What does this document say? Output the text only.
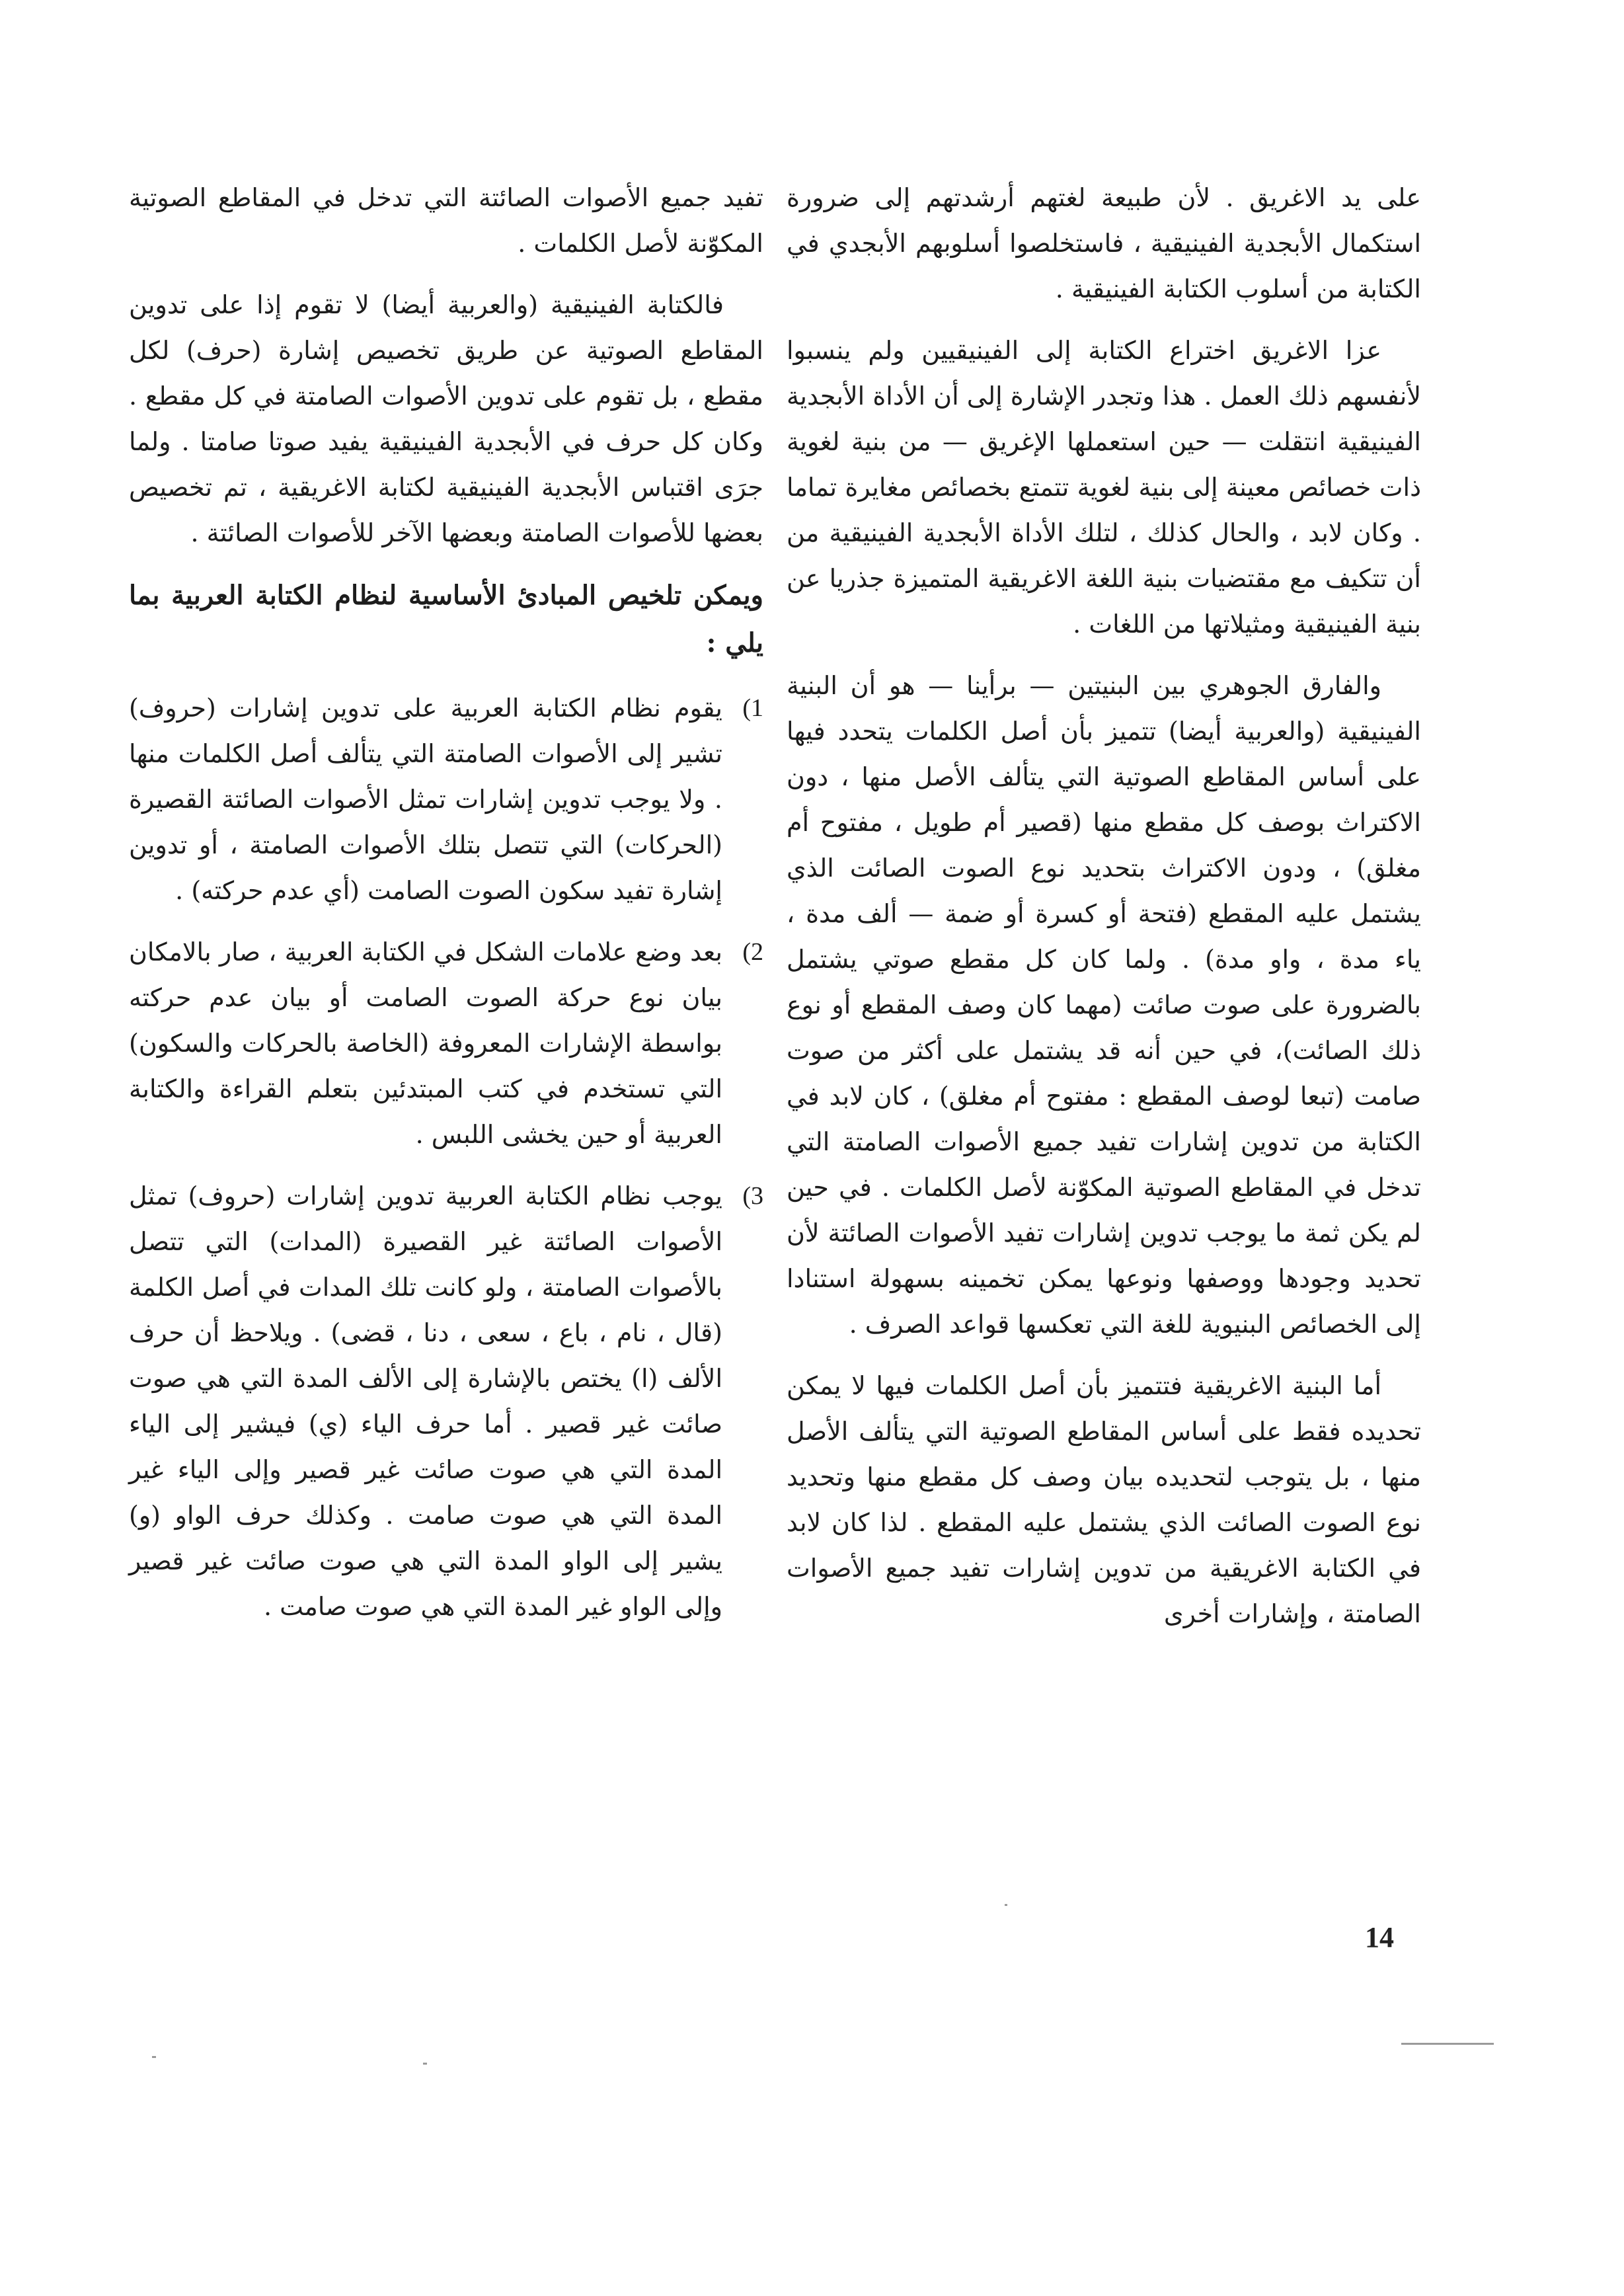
على يد الاغريق . لأن طبيعة لغتهم أرشدتهم إلى ضرورة استكمال الأبجدية الفينيقية ، فاستخلصوا أسلوبهم الأبجدي في الكتابة من أسلوب الكتابة الفينيقية .

عزا الاغريق اختراع الكتابة إلى الفينيقيين ولم ينسبوا لأنفسهم ذلك العمل . هذا وتجدر الإشارة إلى أن الأداة الأبجدية الفينيقية انتقلت — حين استعملها الإغريق — من بنية لغوية ذات خصائص معينة إلى بنية لغوية تتمتع بخصائص مغايرة تماما . وكان لابد ، والحال كذلك ، لتلك الأداة الأبجدية الفينيقية من أن تتكيف مع مقتضيات بنية اللغة الاغريقية المتميزة جذريا عن بنية الفينيقية ومثيلاتها من اللغات .

والفارق الجوهري بين البنيتين — برأينا — هو أن البنية الفينيقية (والعربية أيضا) تتميز بأن أصل الكلمات يتحدد فيها على أساس المقاطع الصوتية التي يتألف الأصل منها ، دون الاكتراث بوصف كل مقطع منها (قصير أم طويل ، مفتوح أم مغلق) ، ودون الاكتراث بتحديد نوع الصوت الصائت الذي يشتمل عليه المقطع (فتحة أو كسرة أو ضمة — ألف مدة ، ياء مدة ، واو مدة) . ولما كان كل مقطع صوتي يشتمل بالضرورة على صوت صائت (مهما كان وصف المقطع أو نوع ذلك الصائت)، في حين أنه قد يشتمل على أكثر من صوت صامت (تبعا لوصف المقطع : مفتوح أم مغلق) ، كان لابد في الكتابة من تدوين إشارات تفيد جميع الأصوات الصامتة التي تدخل في المقاطع الصوتية المكوّنة لأصل الكلمات . في حين لم يكن ثمة ما يوجب تدوين إشارات تفيد الأصوات الصائتة لأن تحديد وجودها ووصفها ونوعها يمكن تخمينه بسهولة استنادا إلى الخصائص البنيوية للغة التي تعكسها قواعد الصرف .

أما البنية الاغريقية فتتميز بأن أصل الكلمات فيها لا يمكن تحديده فقط على أساس المقاطع الصوتية التي يتألف الأصل منها ، بل يتوجب لتحديده بيان وصف كل مقطع منها وتحديد نوع الصوت الصائت الذي يشتمل عليه المقطع . لذا كان لابد في الكتابة الاغريقية من تدوين إشارات تفيد جميع الأصوات الصامتة ، وإشارات أخرى

تفيد جميع الأصوات الصائتة التي تدخل في المقاطع الصوتية المكوّنة لأصل الكلمات .

فالكتابة الفينيقية (والعربية أيضا) لا تقوم إذا على تدوين المقاطع الصوتية عن طريق تخصيص إشارة (حرف) لكل مقطع ، بل تقوم على تدوين الأصوات الصامتة في كل مقطع . وكان كل حرف في الأبجدية الفينيقية يفيد صوتا صامتا . ولما جرَى اقتباس الأبجدية الفينيقية لكتابة الاغريقية ، تم تخصيص بعضها للأصوات الصامتة وبعضها الآخر للأصوات الصائتة .

ويمكن تلخيص المبادئ الأساسية لنظام الكتابة العربية بما يلي :

1)
يقوم نظام الكتابة العربية على تدوين إشارات (حروف) تشير إلى الأصوات الصامتة التي يتألف أصل الكلمات منها . ولا يوجب تدوين إشارات تمثل الأصوات الصائتة القصيرة (الحركات) التي تتصل بتلك الأصوات الصامتة ، أو تدوين إشارة تفيد سكون الصوت الصامت (أي عدم حركته) .
2)
بعد وضع علامات الشكل في الكتابة العربية ، صار بالامكان بيان نوع حركة الصوت الصامت أو بيان عدم حركته بواسطة الإشارات المعروفة (الخاصة بالحركات والسكون) التي تستخدم في كتب المبتدئين بتعلم القراءة والكتابة العربية أو حين يخشى اللبس .
3)
يوجب نظام الكتابة العربية تدوين إشارات (حروف) تمثل الأصوات الصائتة غير القصيرة (المدات) التي تتصل بالأصوات الصامتة ، ولو كانت تلك المدات في أصل الكلمة (قال ، نام ، باع ، سعى ، دنا ، قضى) . ويلاحظ أن حرف الألف (ا) يختص بالإشارة إلى الألف المدة التي هي صوت صائت غير قصير . أما حرف الياء (ي) فيشير إلى الياء المدة التي هي صوت صائت غير قصير وإلى الياء غير المدة التي هي صوت صامت . وكذلك حرف الواو (و) يشير إلى الواو المدة التي هي صوت صائت غير قصير وإلى الواو غير المدة التي هي صوت صامت .
14
